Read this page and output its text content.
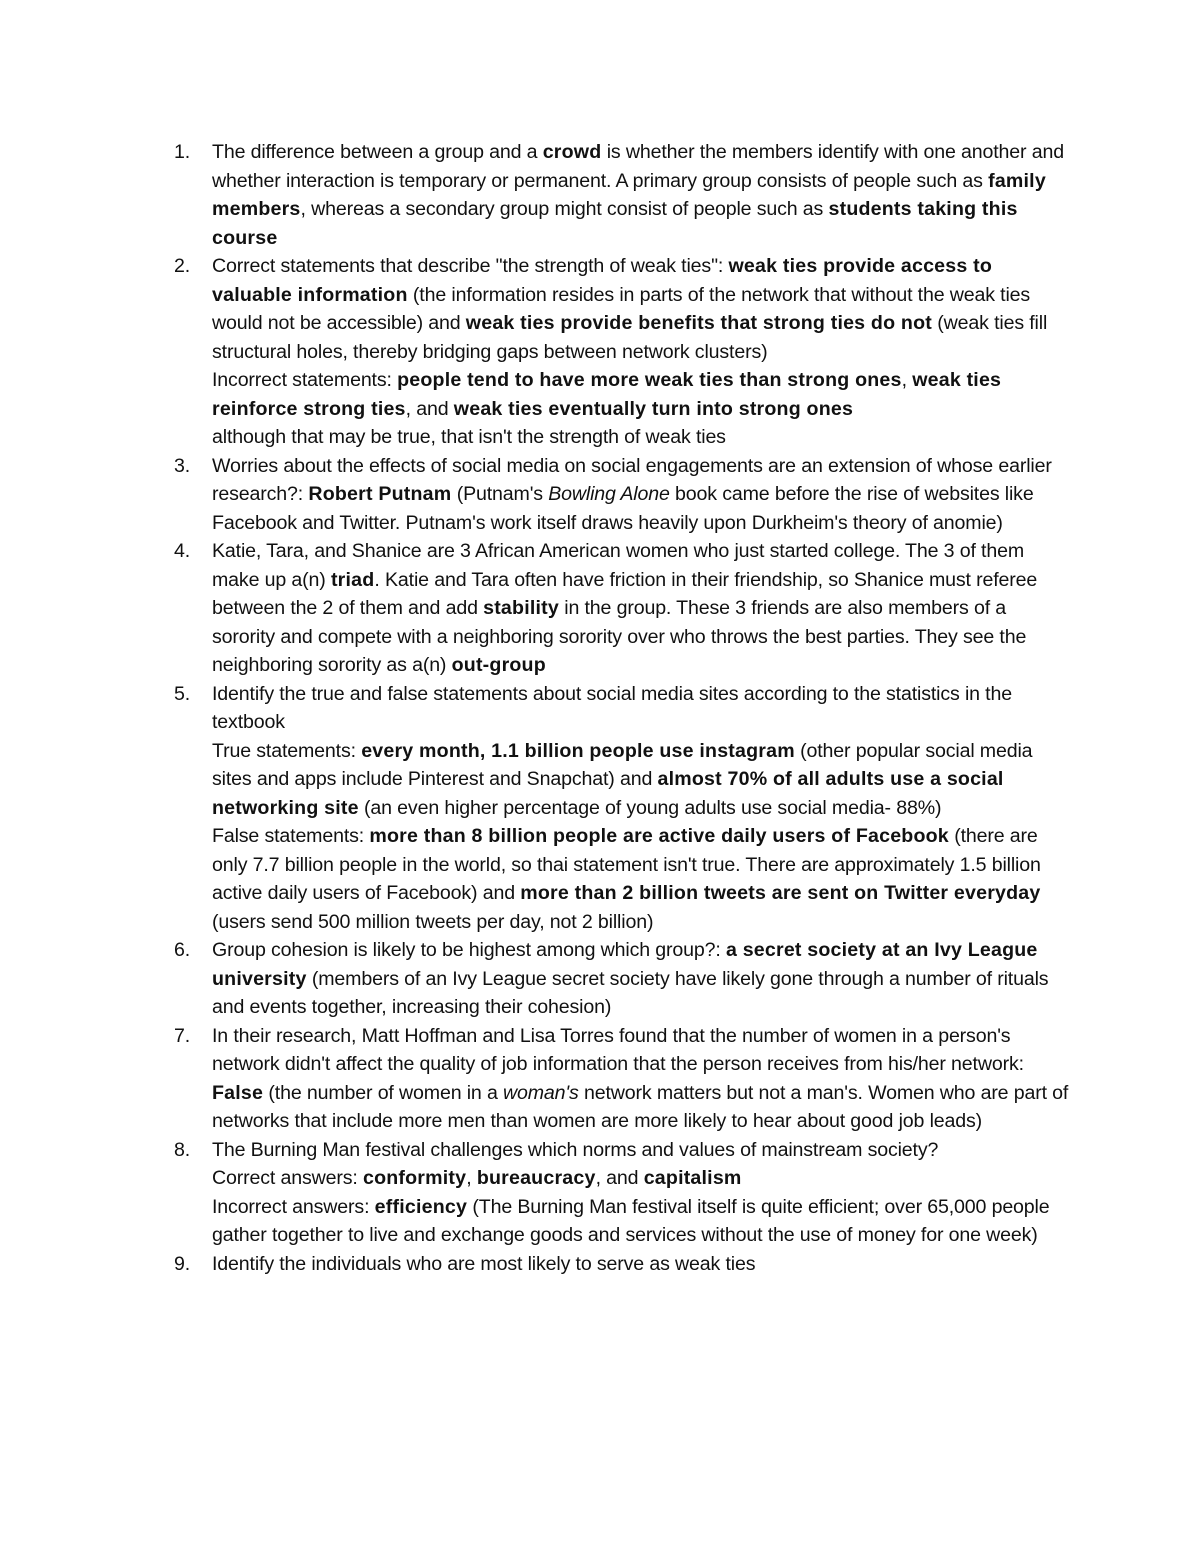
1. The difference between a group and a crowd is whether the members identify with one another and whether interaction is temporary or permanent. A primary group consists of people such as family members, whereas a secondary group might consist of people such as students taking this course
2. Correct statements that describe "the strength of weak ties": weak ties provide access to valuable information (the information resides in parts of the network that without the weak ties would not be accessible) and weak ties provide benefits that strong ties do not (weak ties fill structural holes, thereby bridging gaps between network clusters)
Incorrect statements: people tend to have more weak ties than strong ones, weak ties reinforce strong ties, and weak ties eventually turn into strong ones
although that may be true, that isn't the strength of weak ties
3. Worries about the effects of social media on social engagements are an extension of whose earlier research?: Robert Putnam (Putnam's Bowling Alone book came before the rise of websites like Facebook and Twitter. Putnam's work itself draws heavily upon Durkheim's theory of anomie)
4. Katie, Tara, and Shanice are 3 African American women who just started college. The 3 of them make up a(n) triad. Katie and Tara often have friction in their friendship, so Shanice must referee between the 2 of them and add stability in the group. These 3 friends are also members of a sorority and compete with a neighboring sorority over who throws the best parties. They see the neighboring sorority as a(n) out-group
5. Identify the true and false statements about social media sites according to the statistics in the textbook
True statements: every month, 1.1 billion people use instagram (other popular social media sites and apps include Pinterest and Snapchat) and almost 70% of all adults use a social networking site (an even higher percentage of young adults use social media- 88%)
False statements: more than 8 billion people are active daily users of Facebook (there are only 7.7 billion people in the world, so thai statement isn't true. There are approximately 1.5 billion active daily users of Facebook) and more than 2 billion tweets are sent on Twitter everyday (users send 500 million tweets per day, not 2 billion)
6. Group cohesion is likely to be highest among which group?: a secret society at an Ivy League university (members of an Ivy League secret society have likely gone through a number of rituals and events together, increasing their cohesion)
7. In their research, Matt Hoffman and Lisa Torres found that the number of women in a person's network didn't affect the quality of job information that the person receives from his/her network: False (the number of women in a woman's network matters but not a man's. Women who are part of networks that include more men than women are more likely to hear about good job leads)
8. The Burning Man festival challenges which norms and values of mainstream society?
Correct answers: conformity, bureaucracy, and capitalism
Incorrect answers: efficiency (The Burning Man festival itself is quite efficient; over 65,000 people gather together to live and exchange goods and services without the use of money for one week)
9. Identify the individuals who are most likely to serve as weak ties
